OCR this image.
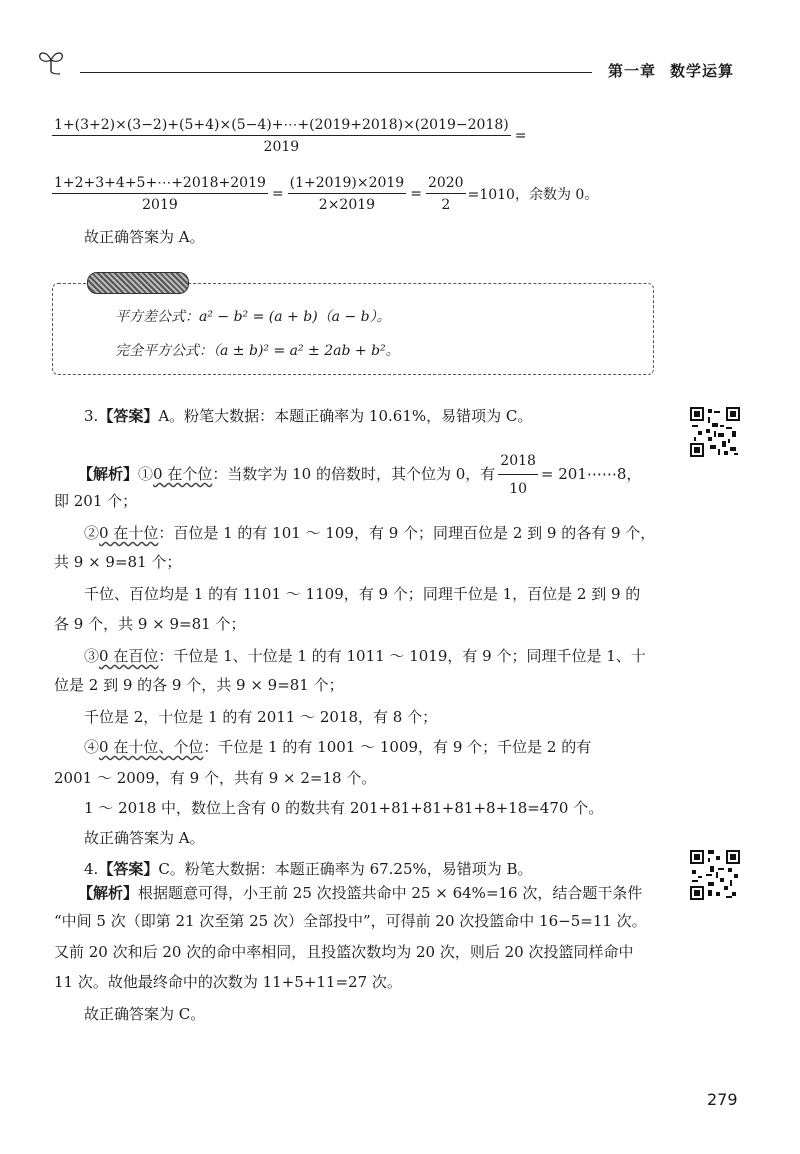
第一章 数学运算
$\frac{1+(3+2)\times(3-2)+(5+4)\times(5-4)+\cdots+(2019+2018)\times(2019-2018)}{2019}$ =
$\frac{1+2+3+4+5+\cdots+2018+2019}{2019} = \frac{(1+2019)\times 2019}{2\times 2019} = \frac{2020}{2} =1010$，余数为 0。
故正确答案为 A。
平方差公式：a² − b² = (a + b)（a − b）。
完全平方公式：（a ± b)² = a² ± 2ab + b²。
3.【答案】A。粉笔大数据：本题正确率为 10.61%，易错项为 C。
【解析】①0 在个位：当数字为 10 的倍数时，其个位为 0，有 $\frac{2018}{10}$ = 201⋯⋯8，
即 201 个；
②0 在十位：百位是 1 的有 101 ～ 109，有 9 个；同理百位是 2 到 9 的各有 9 个，
共 9 × 9=81 个；
千位、百位均是 1 的有 1101 ～ 1109，有 9 个；同理千位是 1，百位是 2 到 9 的
各 9 个，共 9 × 9=81 个；
③0 在百位：千位是 1、十位是 1 的有 1011 ～ 1019，有 9 个；同理千位是 1、十
位是 2 到 9 的各 9 个，共 9 × 9=81 个；
千位是 2，十位是 1 的有 2011 ～ 2018，有 8 个；
④0 在十位、个位：千位是 1 的有 1001 ～ 1009，有 9 个；千位是 2 的有
2001 ～ 2009，有 9 个，共有 9 × 2=18 个。
1 ～ 2018 中，数位上含有 0 的数共有 201+81+81+81+8+18=470 个。
故正确答案为 A。
4.【答案】C。粉笔大数据：本题正确率为 67.25%，易错项为 B。
【解析】根据题意可得，小王前 25 次投篮共命中 25 × 64%=16 次，结合题干条件
“中间 5 次（即第 21 次至第 25 次）全部投中”，可得前 20 次投篮命中 16−5=11 次。
又前 20 次和后 20 次的命中率相同，且投篮次数均为 20 次，则后 20 次投篮同样命中
11 次。故他最终命中的次数为 11+5+11=27 次。
故正确答案为 C。
279
